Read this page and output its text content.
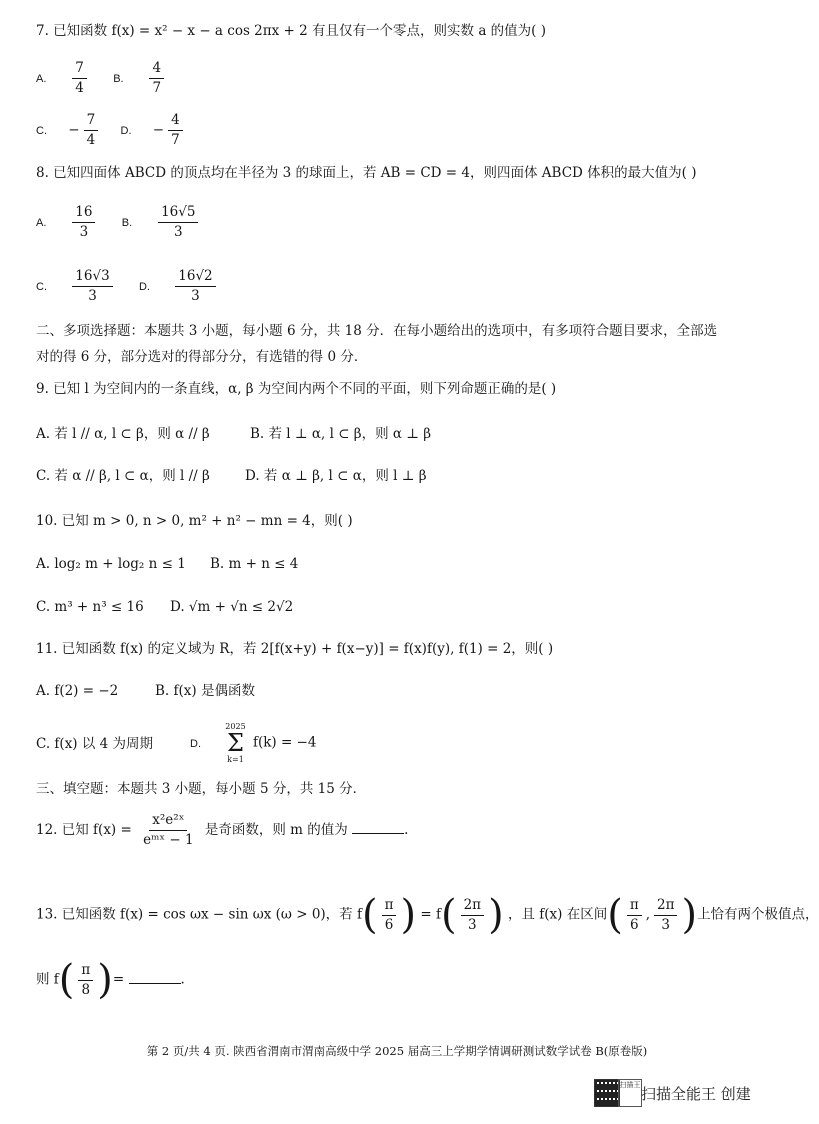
7. 已知函数 f(x) = x² − x − a cos 2πx + 2 有且仅有一个零点，则实数 a 的值为( )
A. $\frac{7}{4} B$. $\frac{4}{7}$
C. − $\frac{7}{4} D$. − $\frac{4}{7}$
8. 已知四面体 ABCD 的顶点均在半径为 3 的球面上，若 AB = CD = 4，则四面体 ABCD 体积的最大值为( )
A. $\frac{16}{3} B$. $\frac{16√5}{3}$
C. $\frac{16√3}{3} D$. $\frac{16√2}{3}$
二、多项选择题：本题共 3 小题，每小题 6 分，共 18 分．在每小题给出的选项中，有多项符合题目要求，全部选
对的得 6 分，部分选对的得部分分，有选错的得 0 分．
9. 已知 l 为空间内的一条直线，α, β 为空间内两个不同的平面，则下列命题正确的是( )
A. 若 l // α, l ⊂ β，则 α // β	B. 若 l ⊥ α, l ⊂ β，则 α ⊥ β
C. 若 α // β, l ⊂ α，则 l // β	D. 若 α ⊥ β, l ⊂ α，则 l ⊥ β
10. 已知 m > 0, n > 0, m² + n² − mn = 4，则( )
A. log₂ m + log₂ n ≤ 1 B. m + n ≤ 4
C. m³ + n³ ≤ 16 D. √m + √n ≤ 2√2
11. 已知函数 f(x) 的定义域为 R，若 2[f(x+y) + f(x−y)] = f(x)f(y), f(1) = 2，则( )
A. f(2) = −2	B. f(x) 是偶函数
C. f(x) 以 4 为周期	D.
2025
Σ
k=1
f(k) = −4
三、填空题：本题共 3 小题，每小题 5 分，共 15 分．
12. 已知 $f(x) = \frac{\text{x²e²ˣ}}{\text{eᵐˣ − 1}}$ 是奇函数，则 m 的值为	.
13. 已知函数 f(x) = cos ωx − sin ωx (ω > 0)，若 $f( \frac{\pi}{6}$ ) = $f( \frac{2\pi}{3}$ ) ，且 f(x) 在区间( $\frac{\pi}{6}$ , $\frac{2\pi}{3}$ )上恰有两个极值点，
则 $f( \frac{\pi}{8}$ )=	.
第 2 页/共 4 页. 陕西省渭南市渭南高级中学 2025 届高三上学期学情调研测试数学试卷 B(原卷版)
扫描王 扫描全能王 创建
